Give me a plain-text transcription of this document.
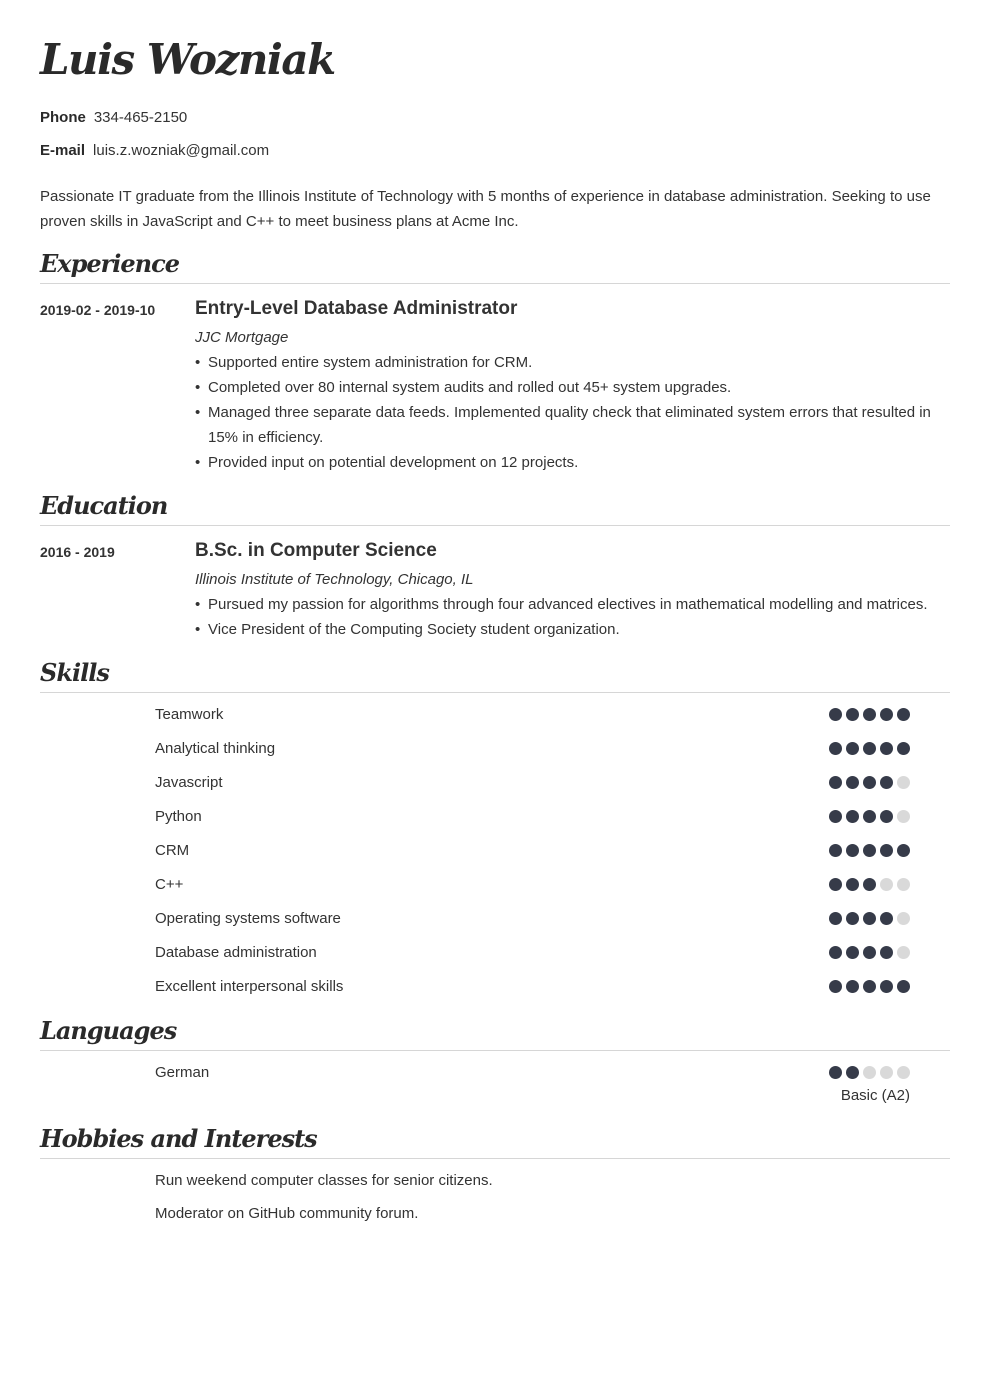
Luis Wozniak
Phone 334-465-2150
E-mail luis.z.wozniak@gmail.com

Passionate IT graduate from the Illinois Institute of Technology with 5 months of experience in database administration. Seeking to use proven skills in JavaScript and C++ to meet business plans at Acme Inc.

Experience
2019-02 - 2019-10 Entry-Level Database Administrator
JJC Mortgage
• Supported entire system administration for CRM.
• Completed over 80 internal system audits and rolled out 45+ system upgrades.
• Managed three separate data feeds. Implemented quality check that eliminated system errors that resulted in 15% in efficiency.
• Provided input on potential development on 12 projects.
Education
2016 - 2019	B.Sc. in Computer Science
Illinois Institute of Technology, Chicago, IL
• Pursued my passion for algorithms through four advanced electives in mathematical modelling and matrices.
• Vice President of the Computing Society student organization.
Skills
Teamwork
Analytical thinking
Javascript
Python
CRM
C++
Operating systems software
Database administration
Excellent interpersonal skills
Languages
German
Basic (A2)
Hobbies and Interests
Run weekend computer classes for senior citizens.
Moderator on GitHub community forum.
